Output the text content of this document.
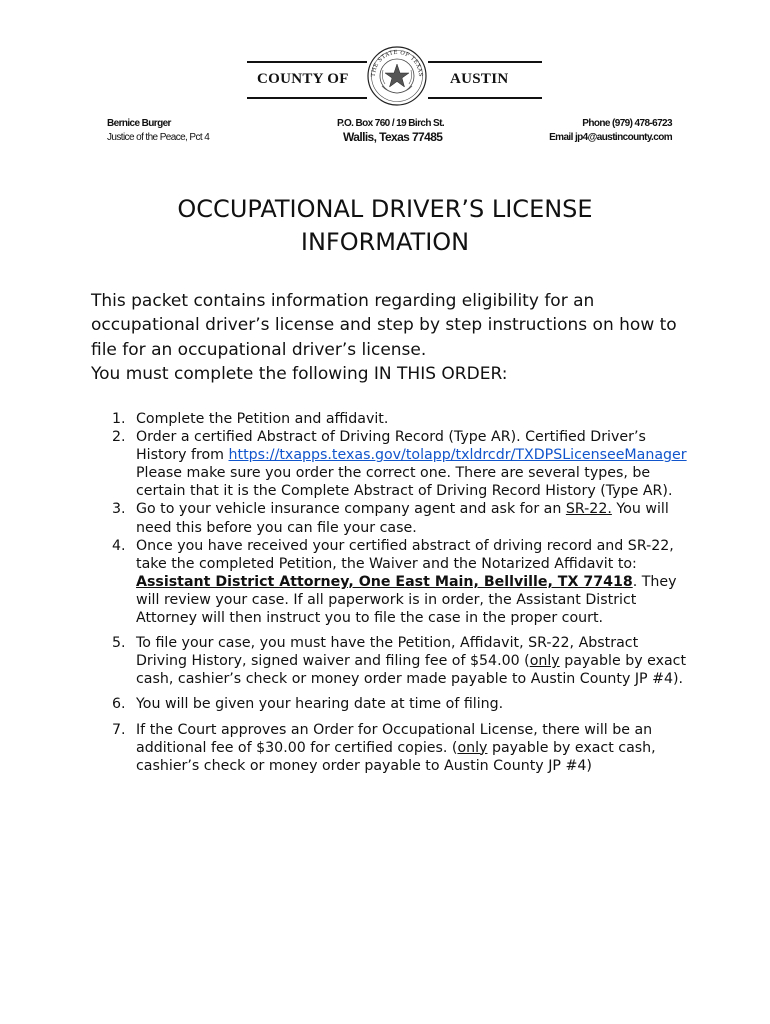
COUNTY OF	AUSTIN
THE STATE OF TEXAS
Bernice Burger
Justice of the Peace, Pct 4
P.O. Box 760 / 19 Birch St.
Wallis, Texas 77485
Phone (979) 478-6723
Email jp4@austincounty.com
OCCUPATIONAL DRIVER’S LICENSE
INFORMATION

This packet contains information regarding eligibility for an occupational driver’s license and step by step instructions on how to file for an occupational driver’s license.

You must complete the following IN THIS ORDER:

1. Complete the Petition and affidavit.
2. Order a certified Abstract of Driving Record (Type AR). Certified Driver’s History from https://txapps.texas.gov/tolapp/txldrcdr/TXDPSLicenseeManager Please make sure you order the correct one. There are several types, be certain that it is the Complete Abstract of Driving Record History (Type AR).
3. Go to your vehicle insurance company agent and ask for an SR-22. You will need this before you can file your case.
4. Once you have received your certified abstract of driving record and SR-22, take the completed Petition, the Waiver and the Notarized Affidavit to: Assistant District Attorney, One East Main, Bellville, TX 77418. They will review your case. If all paperwork is in order, the Assistant District Attorney will then instruct you to file the case in the proper court.
5. To file your case, you must have the Petition, Affidavit, SR-22, Abstract Driving History, signed waiver and filing fee of $54.00 (only payable by exact cash, cashier’s check or money order made payable to Austin County JP #4).
6. You will be given your hearing date at time of filing.
7. If the Court approves an Order for Occupational License, there will be an additional fee of $30.00 for certified copies. (only payable by exact cash, cashier’s check or money order payable to Austin County JP #4)
